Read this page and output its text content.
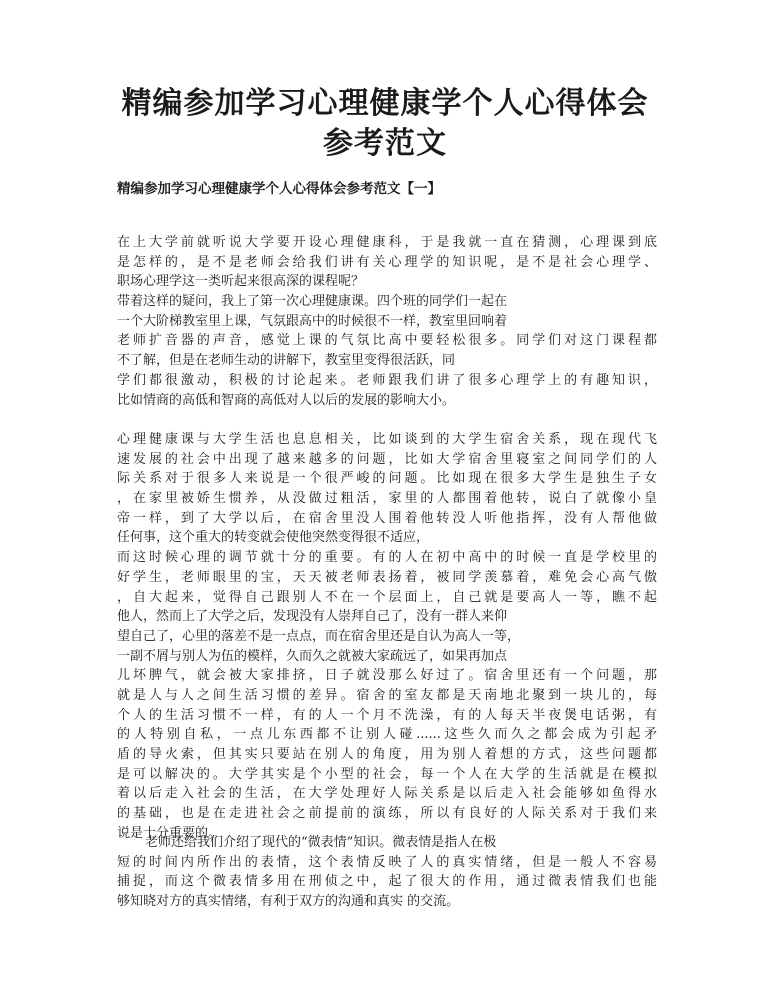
精编参加学习心理健康学个人心得体会
参考范文
精编参加学习心理健康学个人心得体会参考范文【一】
在上大学前就听说大学要开设心理健康科，于是我就一直在猜测，心理课到底
是怎样的，是不是老师会给我们讲有关心理学的知识呢，是不是社会心理学、
职场心理学这一类听起来很高深的课程呢？
带着这样的疑问，我上了第一次心理健康课。四个班的同学们一起在
一个大阶梯教室里上课，气氛跟高中的时候很不一样，教室里回响着
老师扩音器的声音，感觉上课的气氛比高中要轻松很多。同学们对这门课程都
不了解，但是在老师生动的讲解下，教室里变得很活跃，同
学们都很激动，积极的讨论起来。老师跟我们讲了很多心理学上的有趣知识，
比如情商的高低和智商的高低对人以后的发展的影响大小。
心理健康课与大学生活也息息相关，比如谈到的大学生宿舍关系，现在现代飞
速发展的社会中出现了越来越多的问题，比如大学宿舍里寝室之间同学们的人
际关系对于很多人来说是一个很严峻的问题。比如现在很多大学生是独生子女
，在家里被娇生惯养，从没做过粗活，家里的人都围着他转，说白了就像小皇
帝一样，到了大学以后，在宿舍里没人围着他转没人听他指挥，没有人帮他做
任何事，这个重大的转变就会使他突然变得很不适应，
而这时候心理的调节就十分的重要。有的人在初中高中的时候一直是学校里的
好学生，老师眼里的宝，天天被老师表扬着，被同学羡慕着，难免会心高气傲
，自大起来，觉得自己跟别人不在一个层面上，自己就是要高人一等，瞧不起
他人，然而上了大学之后，发现没有人崇拜自己了，没有一群人来仰
望自己了，心里的落差不是一点点，而在宿舍里还是自认为高人一等，
一副不屑与别人为伍的模样，久而久之就被大家疏远了，如果再加点
儿坏脾气，就会被大家排挤，日子就没那么好过了。宿舍里还有一个问题，那
就是人与人之间生活习惯的差异。宿舍的室友都是天南地北聚到一块儿的，每
个人的生活习惯不一样，有的人一个月不洗澡，有的人每天半夜煲电话粥，有
的人特别自私，一点儿东西都不让别人碰......这些久而久之都会成为引起矛
盾的导火索，但其实只要站在别人的角度，用为别人着想的方式，这些问题都
是可以解决的。大学其实是个小型的社会，每一个人在大学的生活就是在模拟
着以后走入社会的生活，在大学处理好人际关系是以后走入社会能够如鱼得水
的基础，也是在走进社会之前提前的演练，所以有良好的人际关系对于我们来
说是十分重要的。
老师还给我们介绍了现代的“微表情”知识。微表情是指人在极
短的时间内所作出的表情，这个表情反映了人的真实情绪，但是一般人不容易
捕捉，而这个微表情多用在刑侦之中，起了很大的作用，通过微表情我们也能
够知晓对方的真实情绪，有利于双方的沟通和真实 的交流。
